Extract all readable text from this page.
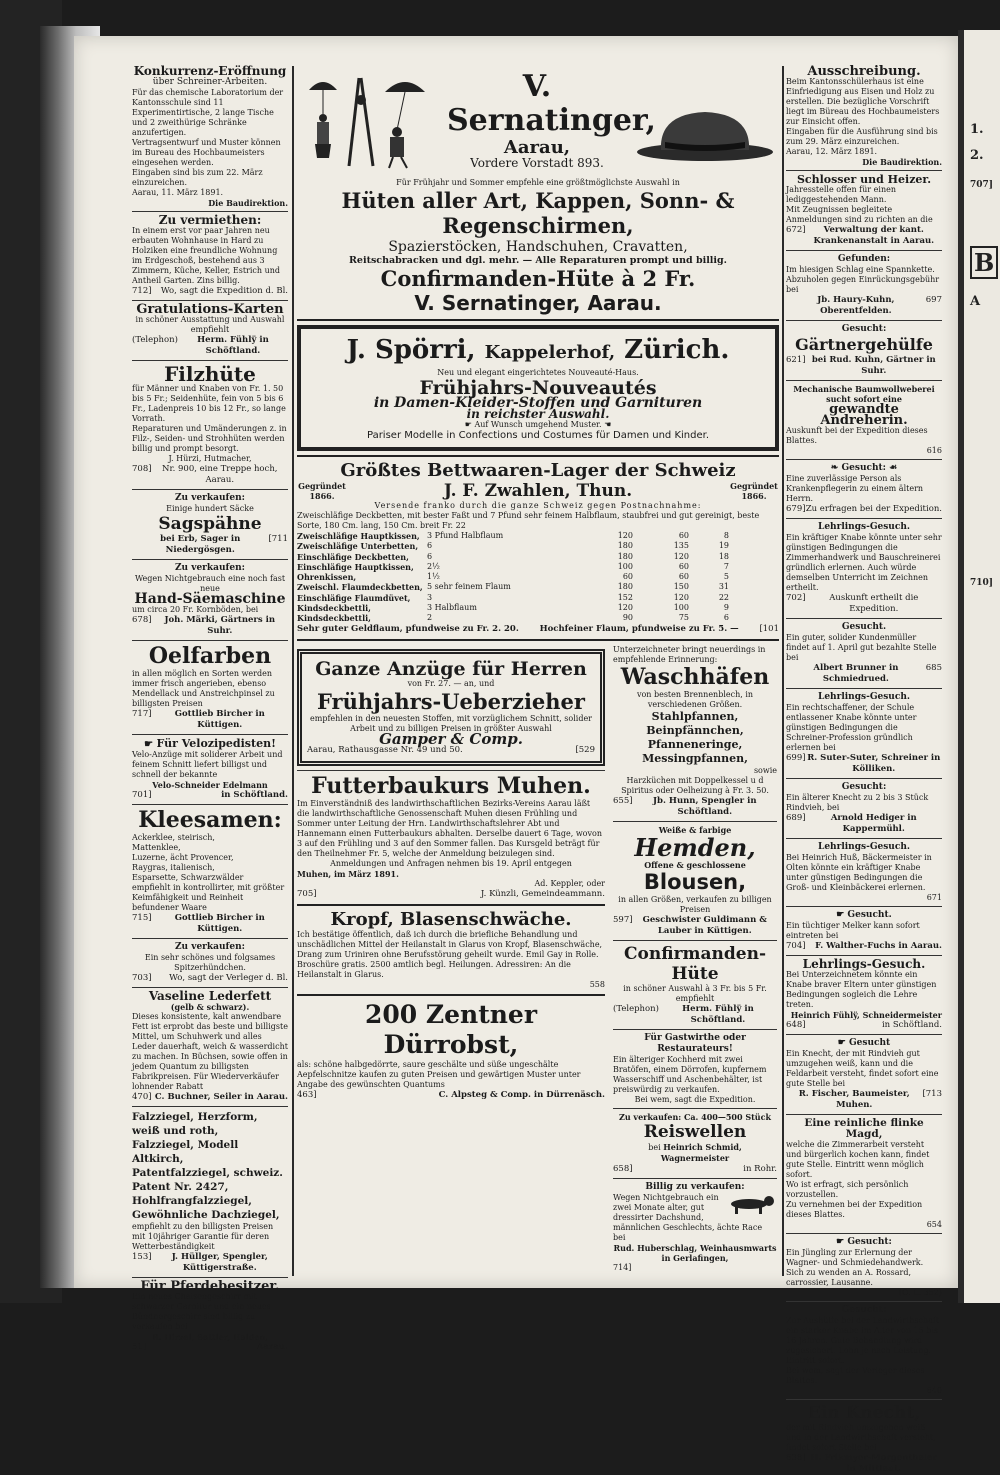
1.
2.
707]
B
A
710]

Konkurrenz-Eröffnung

über Schreiner-Arbeiten.

Für das chemische Laboratorium der Kantonsschule sind 11 Experimentirtische, 2 lange Tische und 2 zweithürige Schränke anzufertigen.

Vertragsentwurf und Muster können im Bureau des Hochbaumeisters eingesehen werden.

Eingaben sind bis zum 22. März einzureichen.

Aarau, 11. März 1891.

Die Baudirektion.

Zu vermiethen:

In einem erst vor paar Jahren neu erbauten Wohnhause in Hard zu Holziken eine freundliche Wohnung im Erdgeschoß, bestehend aus 3 Zimmern, Küche, Keller, Estrich und Antheil Garten. Zins billig.

712] Wo, sagt die Expedition d. Bl.

Gratulations-Karten

in schöner Ausstattung und Auswahl empfiehlt

(Telephon)	Herm. Fühlÿ in Schöftland.

Filzhüte

für Männer und Knaben von Fr. 1. 50 bis 5 Fr.; Seidenhüte, fein von 5 bis 6 Fr., Ladenpreis 10 bis 12 Fr., so lange Vorrath.

Reparaturen und Umänderungen z. in Filz-, Seiden- und Strohhüten werden billig und prompt besorgt.

J. Hürzi, Hutmacher,

708]	Nr. 900, eine Treppe hoch, Aarau.

Zu verkaufen:

Einige hundert Säcke

Sagspähne

bei Erb, Sager in Niedergösgen.
[711

Zu verkaufen:

Wegen Nichtgebrauch eine noch fast neue

Hand-Säemaschine

um circa 20 Fr. Kornböden, bei

678]	Joh. Märki, Gärtners in Suhr.

Oelfarben

in allen möglich en Sorten werden immer frisch angerieben, ebenso Mendellack und Anstreichpinsel zu billigsten Preisen

717]	Gottlieb Bircher in Küttigen.

☛ Für Velozipedisten!

Velo-Anzüge mit soliderer Arbeit und feinem Schnitt liefert billigst und schnell der bekannte

Velo-Schneider Edelmann

701]	in Schöftland.

Kleesamen:

Ackerklee, steirisch,
Mattenklee,
Luzerne, ächt Provencer,
Raygras, italienisch,
Esparsette, Schwarzwälder

empfiehlt in kontrollirter, mit größter Keimfähigkeit und Reinheit befundener Waare

715]	Gottlieb Bircher in Küttigen.

Zu verkaufen:

Ein sehr schönes und folgsames Spitzerhündchen.

703] Wo, sagt der Verleger d. Bl.

Vaseline Lederfett

(gelb & schwarz).

Dieses konsistente, kalt anwendbare Fett ist erprobt das beste und billigste Mittel, um Schuhwerk und alles Leder dauerhaft, weich & wasserdicht zu machen. In Büchsen, sowie offen in jedem Quantum zu billigsten Fabrikpreisen. Für Wiederverkäufer lohnender Rabatt

470] C. Buchner, Seiler in Aarau.
Falzziegel, Herzform, weiß und roth,
Falzziegel, Modell Altkirch,
Patentfalzziegel, schweiz. Patent Nr. 2427,
Hohlfrangfalzziegel,
Gewöhnliche Dachziegel,

empfiehlt zu den billigsten Preisen mit 10jähriger Garantie für deren Wetterbeständigkeit

153]	J. Hüllger, Spengler, Küttigerstraße.

Für Pferdebesitzer.

Ein neues Chaisengeschirr mit schwarzer Garnitur und ein neues Bündnergeschirr sind billig zu verkaufen bei

R. Hirzel, Sattler, Halden,

51]	Aarau.

V. Sernatinger,

Aarau,

Vordere Vorstadt 893.

Für Frühjahr und Sommer empfehle eine größtmöglichste Auswahl in

Hüten aller Art, Kappen, Sonn- & Regenschirmen,

Spazierstöcken, Handschuhen, Cravatten,

Reitschabracken und dgl. mehr. — Alle Reparaturen prompt und billig.

Confirmanden-Hüte à 2 Fr.

V. Sernatinger, Aarau.

J. Spörri, Kappelerhof, Zürich.

Neu und elegant eingerichtetes Nouveauté-Haus.

Frühjahrs-Nouveautés

in Damen-Kleider-Stoffen und Garnituren

in reichster Auswahl.

☛ Auf Wunsch umgehend Muster. ☚

Pariser Modelle in Confections und Costumes für Damen und Kinder.

Größtes Bettwaaren-Lager der Schweiz

Gegründet 1866.	J. F. Zwahlen, Thun.	Gegründet 1866.

Versende franko durch die ganze Schweiz gegen Postnachnahme:

Zweischläfige Deckbetten, mit bester Faßt und 7 Pfund sehr feinem Halbflaum, staubfrei und gut gereinigt, beste Sorte, 180 Cm. lang, 150 Cm. breit Fr. 22

Zweischläfige Hauptkissen, 3 Pfund Halbflaum	120	60	8
Zweischläfige Unterbetten,	6	180	135	19
Einschläfige Deckbetten,	6	180	120	18
Einschläfige Hauptkissen,	2½	100	60	7
Ohrenkissen,	1½	60	60	5
Zweischl. Flaumdeckbetten, 5 sehr feinem Flaum	180	150	31
Einschläfige Flaumdüvet,	3	152	120	22
Kindsdeckbettli,	3 Halbflaum	120	100	9
Kindsdeckbettli,	2	90	75	6
Sehr guter Geldflaum, pfundweise zu Fr. 2. 20. Hochfeiner Flaum, pfundweise zu Fr. 5. — [101

Ganze Anzüge für Herren

von Fr. 27. — an, und

Frühjahrs-Ueberzieher

empfehlen in den neuesten Stoffen, mit vorzüglichem Schnitt, solider Arbeit und zu billigen Preisen in größter Auswahl

Gamper & Comp.

Aarau, Rathausgasse Nr. 49 und 50.	[529

Futterbaukurs Muhen.

Im Einverständniß des landwirthschaftlichen Bezirks-Vereins Aarau läßt die landwirthschaftliche Genossenschaft Muhen diesen Frühling und Sommer unter Leitung der Hrn. Landwirthschaftslehrer Abt und Hannemann einen Futterbaukurs abhalten. Derselbe dauert 6 Tage, wovon 3 auf den Frühling und 3 auf den Sommer fallen. Das Kursgeld beträgt für den Theilnehmer Fr. 5, welche der Anmeldung beizulegen sind.

Anmeldungen und Anfragen nehmen bis 19. April entgegen

Muhen, im März 1891.

Ad. Keppler, oder

705]	J. Künzli, Gemeindeammann.

Kropf, Blasenschwäche.

Ich bestätige öffentlich, daß ich durch die briefliche Behandlung und unschädlichen Mittel der Heilanstalt in Glarus von Kropf, Blasenschwäche, Drang zum Uriniren ohne Berufsstörung geheilt wurde. Emil Gay in Rolle. Broschüre gratis. 2500 amtlich begl. Heilungen. Adressiren: An die Heilanstalt in Glarus.

558

200 Zentner Dürrobst,

als: schöne halbgedörrte, saure geschälte und süße ungeschälte Aepfelschnitze kaufen zu guten Preisen und gewärtigen Muster unter Angabe des gewünschten Quantums

463]	C. Alpsteg & Comp. in Dürrenäsch.

Unterzeichneter bringt neuerdings in empfehlende Erinnerung:

Waschhäfen

von besten Brennenblech, in verschiedenen Größen.

Stahlpfannen,
Beinpfännchen,
Pfanneneringe,
Messingpfannen,

sowie

Harzküchen mit Doppelkessel u d Spiritus oder Oelheizung à Fr. 3. 50.

655]	Jb. Hunn, Spengler in Schöftland.

Weiße & farbige

Hemden,

Offene & geschlossene

Blousen,

in allen Größen, verkaufen zu billigen Preisen

597]	Geschwister Guldimann & Lauber in Küttigen.

Confirmanden-Hüte

in schöner Auswahl à 3 Fr. bis 5 Fr. empfiehlt

(Telephon)	Herm. Fühlÿ in Schöftland.

Für Gastwirthe oder Restaurateurs!

Ein älteriger Kochherd mit zwei Bratöfen, einem Dörrofen, kupfernem Wasserschiff und Aschenbehälter, ist preiswürdig zu verkaufen.

Bei wem, sagt die Expedition.

Zu verkaufen: Ca. 400—500 Stück

Reiswellen

bei Heinrich Schmid, Wagnermeister

658]	in Rohr.

Billig zu verkaufen:

Wegen Nichtgebrauch ein zwei Monate alter, gut dressirter Dachshund, männlichen Geschlechts, ächte Race bei

Rud. Huberschlag, Weinhausmwarts in Gerlafingen,

714]

Ausschreibung.

Beim Kantonsschülerhaus ist eine Einfriedigung aus Eisen und Holz zu erstellen. Die bezügliche Vorschrift liegt im Büreau des Hochbaumeisters zur Einsicht offen.

Eingaben für die Ausführung sind bis zum 29. März einzureichen.

Aarau, 12. März 1891.

Die Baudirektion.

Schlosser und Heizer.

Jahresstelle offen für einen lediggestehenden Mann.

Mit Zeugnissen begleitete Anmeldungen sind zu richten an die

672]	Verwaltung der kant. Krankenanstalt in Aarau.

Gefunden:

Im hiesigen Schlag eine Spannkette. Abzuholen gegen Einrückungsgebühr bei

Jb. Haury-Kuhn, Oberentfelden.
697

Gesucht:

Gärtnergehülfe

621] bei Rud. Kuhn, Gärtner in Suhr.

Mechanische Baumwollweberei sucht sofort eine

gewandte Andreherin.

Auskunft bei der Expedition dieses Blattes.

616

❧ Gesucht: ☙

Eine zuverlässige Person als Krankenpflegerin zu einem ältern Herrn.

679] Zu erfragen bei der Expedition.

Lehrlings-Gesuch.

Ein kräftiger Knabe könnte unter sehr günstigen Bedingungen die Zimmerhandwerk und Bauschreinerei gründlich erlernen. Auch würde demselben Unterricht im Zeichnen ertheilt.

702]	Auskunft ertheilt die Expedition.

Gesucht.

Ein guter, solider Kundenmüller findet auf 1. April gut bezahlte Stelle bei

Albert Brunner in Schmiedrued.
685

Lehrlings-Gesuch.

Ein rechtschaffener, der Schule entlassener Knabe könnte unter günstigen Bedingungen die Schreiner-Profession gründlich erlernen bei

699] R. Suter-Suter, Schreiner in Kölliken.

Gesucht:

Ein älterer Knecht zu 2 bis 3 Stück Rindvieh, bei

689]	Arnold Hediger in Kappermühl.

Lehrlings-Gesuch.

Bei Heinrich Huß, Bäckermeister in Olten könnte ein kräftiger Knabe unter günstigen Bedingungen die Groß- und Kleinbäckerei erlernen.

671

☛ Gesucht.

Ein tüchtiger Melker kann sofort eintreten bei

704] F. Walther-Fuchs in Aarau.

Lehrlings-Gesuch.

Bei Unterzeichnetem könnte ein Knabe braver Eltern unter günstigen Bedingungen sogleich die Lehre treten.

Heinrich Fühlÿ, Schneidermeister

648]	in Schöftland.

☛ Gesucht

Ein Knecht, der mit Rindvieh gut umzugehen weiß, kann und die Feldarbeit versteht, findet sofort eine gute Stelle bei

R. Fischer, Baumeister, Muhen.
[713

Eine reinliche flinke Magd,

welche die Zimmerarbeit versteht und bürgerlich kochen kann, findet gute Stelle. Eintritt wenn möglich sofort.

Wo ist erfragt, sich persönlich vorzustellen.

Zu vernehmen bei der Expedition dieses Blattes.

654

☛ Gesucht:

Ein Jüngling zur Erlernung der Wagner- und Schmiedehandwerk.

Sich zu wenden an A. Rossard, carrossier, Lausanne.

(O. L. 352)

Gesucht:

Zur Aushülfe bei der Landwirthschaft ein starker Knabe im Alter von 15 bis 16 Jahren. Gute Behandlung wird zugesichert. Lohn je nach Leistung. Eintritt sofort.

Bei wem, sagt der Verleger dieses Blattes.

640

Ein Knecht,

der mit Rindvieh umzugehen weiß und in der Landwirthschaft versteht, findet sofort Stelle bei

638] H. Frikmyer-Morgenthaler in Mittlaut.
